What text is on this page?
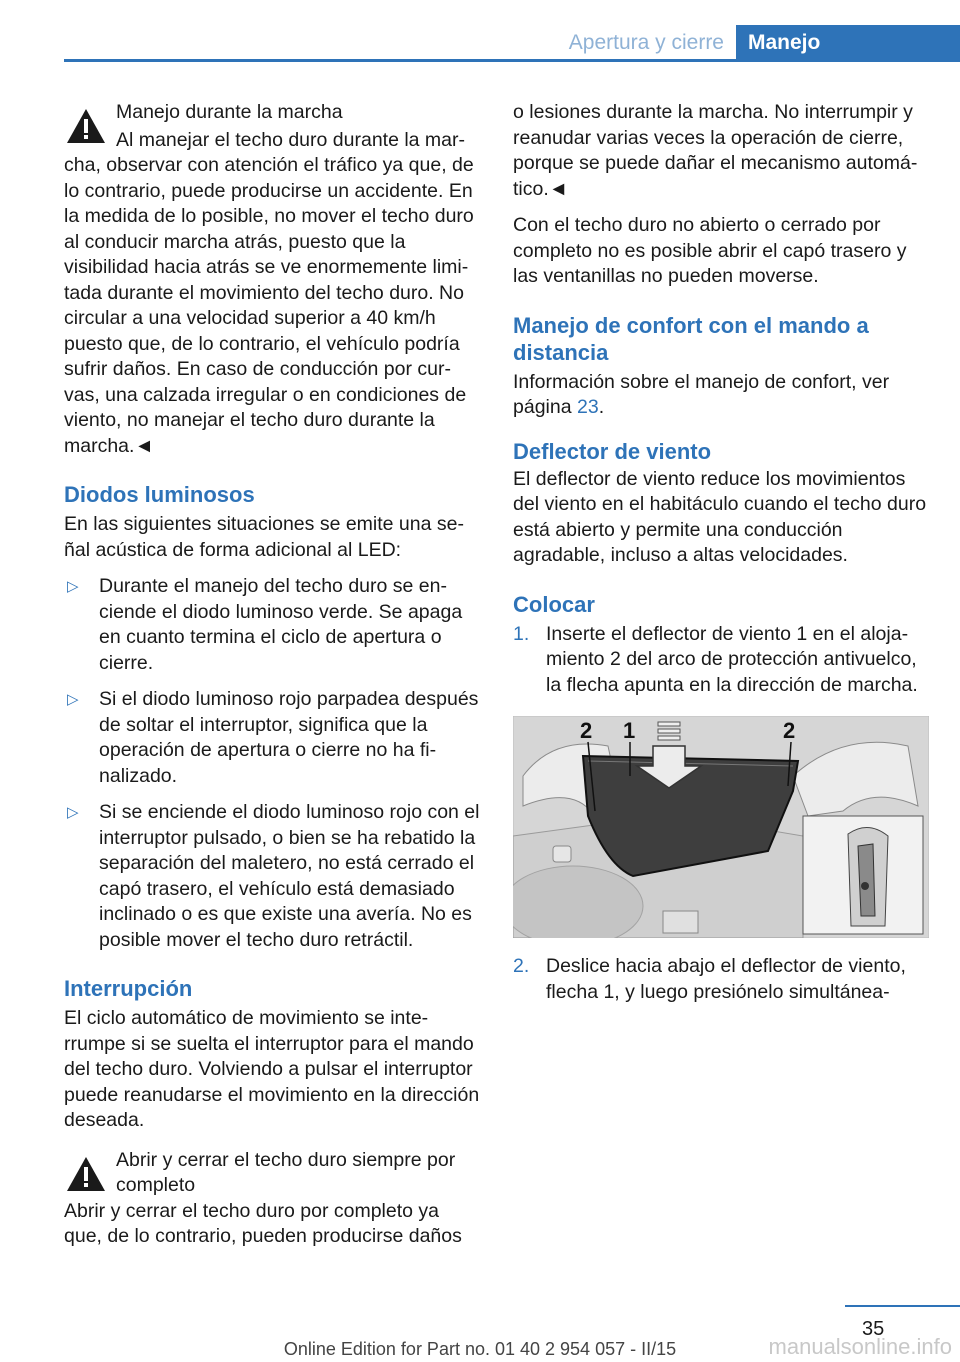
Apertura y cierre	Manejo
Manejo durante la marcha

Al manejar el techo duro durante la marcha, observar con atención el tráfico ya que, de lo contrario, puede producirse un accidente. En la medida de lo posible, no mover el techo duro al conducir marcha atrás, puesto que la visibilidad hacia atrás se ve enormemente limitada durante el movimiento del techo duro. No circular a una velocidad superior a 40 km/h puesto que, de lo contrario, el vehículo podría sufrir daños. En caso de conducción por curvas, una calzada irregular o en condiciones de viento, no manejar el techo duro durante la marcha.◄

Diodos luminosos

En las siguientes situaciones se emite una señal acústica de forma adicional al LED:

▷ Durante el manejo del techo duro se enciende el diodo luminoso verde. Se apaga en cuanto termina el ciclo de apertura o cierre.
▷ Si el diodo luminoso rojo parpadea después de soltar el interruptor, significa que la operación de apertura o cierre no ha finalizado.
▷ Si se enciende el diodo luminoso rojo con el interruptor pulsado, o bien se ha rebatido la separación del maletero, no está cerrado el capó trasero, el vehículo está demasiado inclinado o es que existe una avería. No es posible mover el techo duro retráctil.
Interrupción

El ciclo automático de movimiento se interrumpe si se suelta el interruptor para el mando del techo duro. Volviendo a pulsar el interruptor puede reanudarse el movimiento en la dirección deseada.

Abrir y cerrar el techo duro siempre por completo

Abrir y cerrar el techo duro por completo ya que, de lo contrario, pueden producirse daños

o lesiones durante la marcha. No interrumpir y reanudar varias veces la operación de cierre, porque se puede dañar el mecanismo automático.◄

Con el techo duro no abierto o cerrado por completo no es posible abrir el capó trasero y las ventanillas no pueden moverse.

Manejo de confort con el mando a distancia

Información sobre el manejo de confort, ver página 23.

Deflector de viento

El deflector de viento reduce los movimientos del viento en el habitáculo cuando el techo duro está abierto y permite una conducción agradable, incluso a altas velocidades.

Colocar
1. Inserte el deflector de viento 1 en el alojamiento 2 del arco de protección antivuelco, la flecha apunta en la dirección de marcha.
2 1	2
2. Deslice hacia abajo el deflector de viento, flecha 1, y luego presiónelo simultánea-
35
Online Edition for Part no. 01 40 2 954 057 - II/15	manualsonline.info
